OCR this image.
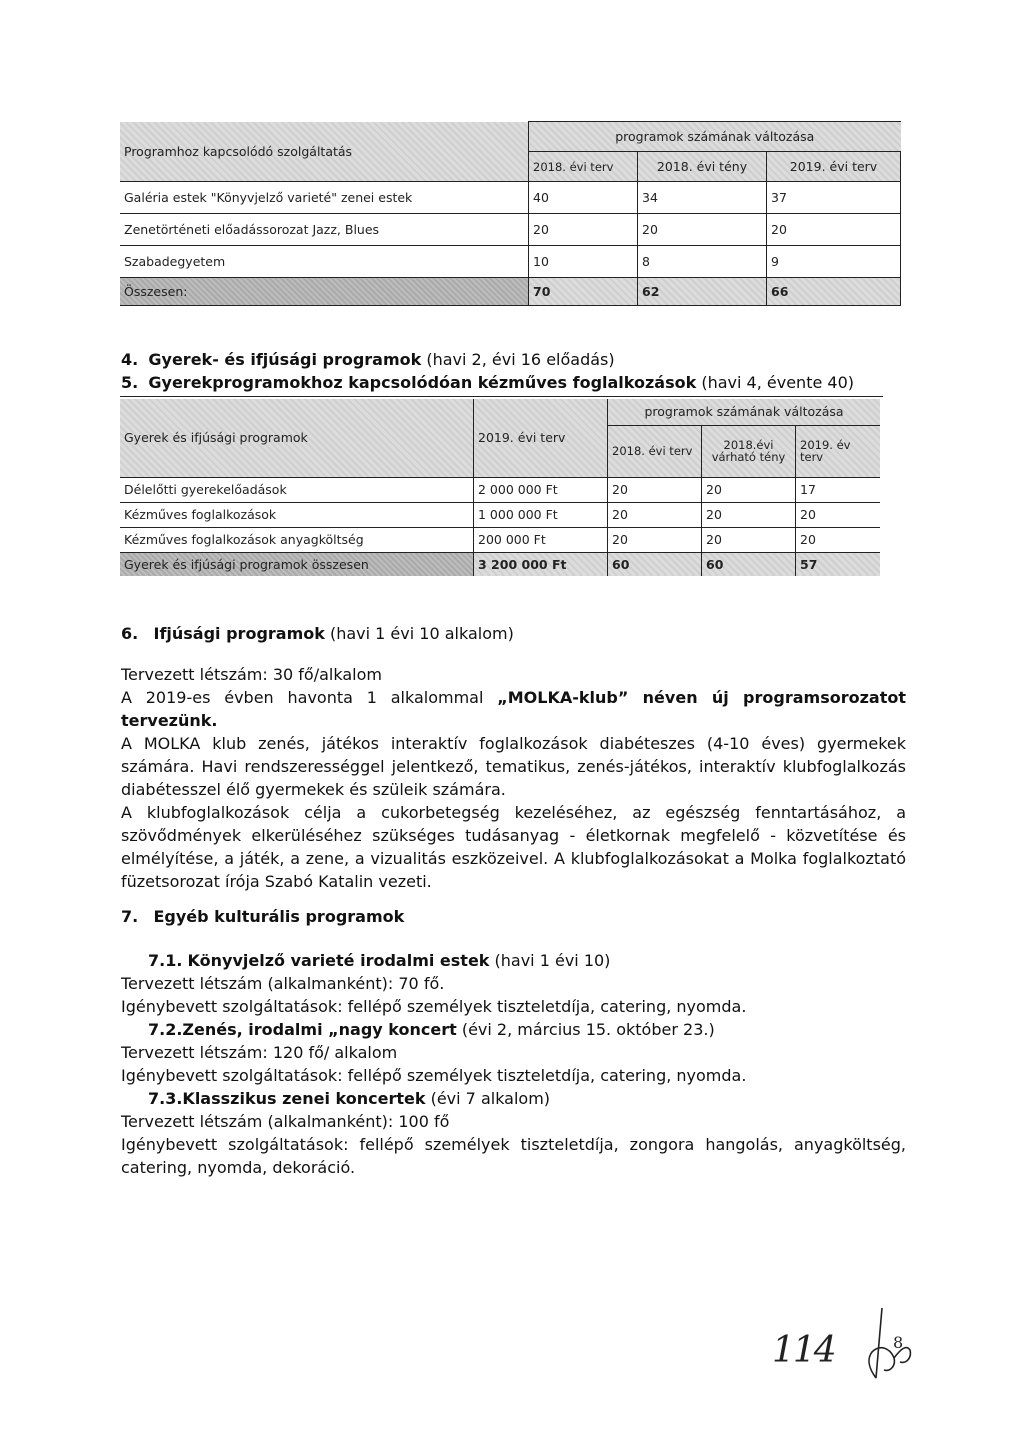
Programhoz kapcsolódó szolgáltatás	programok számának változása		
	2018. évi terv	2018. évi tény	2019. évi terv
Galéria estek "Könyvjelző varieté" zenei estek	40	34	37
Zenetörténeti előadássorozat Jazz, Blues	20	20	20
Szabadegyetem	10	8	9
Összesen:	70	62	66

4. Gyerek- és ifjúsági programok (havi 2, évi 16 előadás)

5. Gyerekprogramokhoz kapcsolódóan kézműves foglalkozások (havi 4, évente 40)

Gyerek és ifjúsági programok	2019. évi terv	programok számának változása		
		2018. évi terv	2018.évi várható tény	2019. év terv
Délelőtti gyerekelőadások	2 000 000 Ft	20	20	17
Kézműves foglalkozások	1 000 000 Ft	20	20	20
Kézműves foglalkozások anyagköltség	200 000 Ft	20	20	20
Gyerek és ifjúsági programok összesen	3 200 000 Ft	60	60	57

6. Ifjúsági programok (havi 1 évi 10 alkalom)

Tervezett létszám: 30 fő/alkalom

A 2019-es évben havonta 1 alkalommal „MOLKA-klub” néven új programsorozatot tervezünk.

A MOLKA klub zenés, játékos interaktív foglalkozások diabéteszes (4-10 éves) gyermekek számára. Havi rendszerességgel jelentkező, tematikus, zenés-játékos, interaktív klubfoglalkozás diabétesszel élő gyermekek és szüleik számára.

A klubfoglalkozások célja a cukorbetegség kezeléséhez, az egészség fenntartásához, a szövődmények elkerüléséhez szükséges tudásanyag - életkornak megfelelő - közvetítése és elmélyítése, a játék, a zene, a vizualitás eszközeivel. A klubfoglalkozásokat a Molka foglalkoztató füzetsorozat írója Szabó Katalin vezeti.

7. Egyéb kulturális programok

7.1. Könyvjelző varieté irodalmi estek (havi 1 évi 10)

Tervezett létszám (alkalmanként): 70 fő.

Igénybevett szolgáltatások: fellépő személyek tiszteletdíja, catering, nyomda.

7.2.Zenés, irodalmi „nagy koncert (évi 2, március 15. október 23.)

Tervezett létszám: 120 fő/ alkalom

Igénybevett szolgáltatások: fellépő személyek tiszteletdíja, catering, nyomda.

7.3.Klasszikus zenei koncertek (évi 7 alkalom)

Tervezett létszám (alkalmanként): 100 fő

Igénybevett szolgáltatások: fellépő személyek tiszteletdíja, zongora hangolás, anyagköltség, catering, nyomda, dekoráció.

114	8
